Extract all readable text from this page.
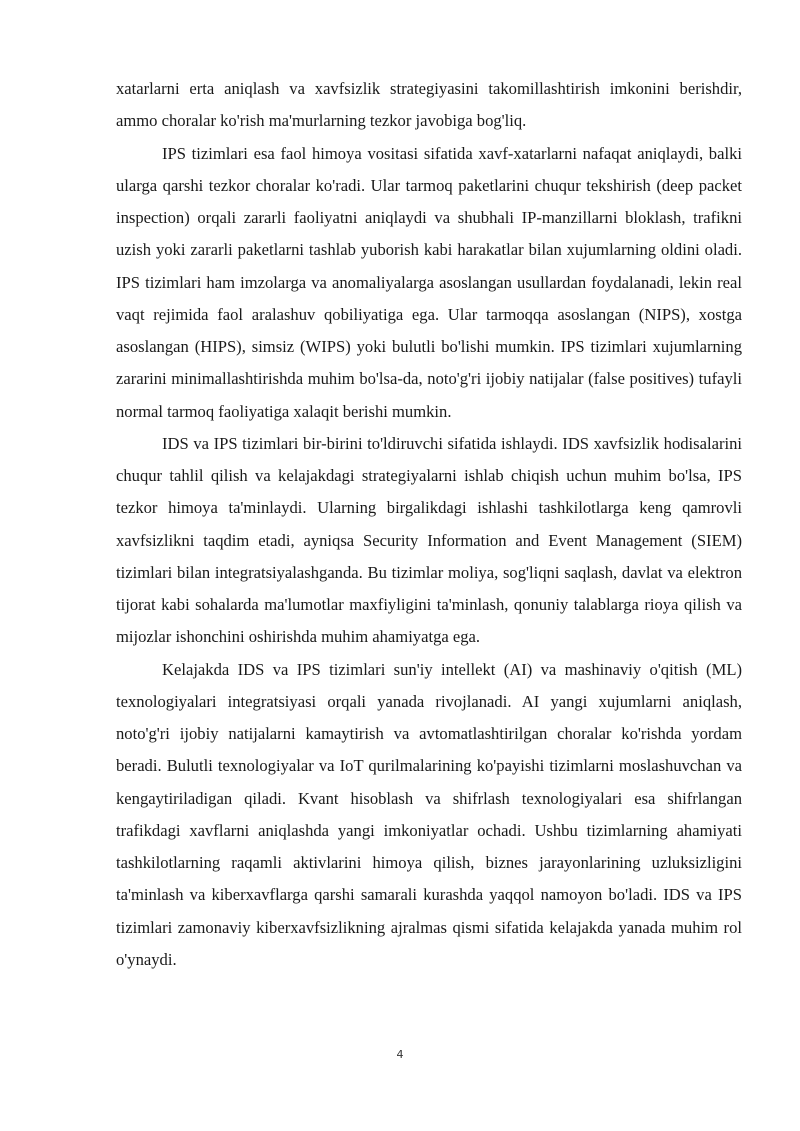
xatarlarni erta aniqlash va xavfsizlik strategiyasini takomillashtirish imkonini berishdir, ammo choralar ko'rish ma'murlarning tezkor javobiga bog'liq.

IPS tizimlari esa faol himoya vositasi sifatida xavf-xatarlarni nafaqat aniqlaydi, balki ularga qarshi tezkor choralar ko'radi. Ular tarmoq paketlarini chuqur tekshirish (deep packet inspection) orqali zararli faoliyatni aniqlaydi va shubhali IP-manzillarni bloklash, trafikni uzish yoki zararli paketlarni tashlab yuborish kabi harakatlar bilan xujumlarning oldini oladi. IPS tizimlari ham imzolarga va anomaliyalarga asoslangan usullardan foydalanadi, lekin real vaqt rejimida faol aralashuv qobiliyatiga ega. Ular tarmoqqa asoslangan (NIPS), xostga asoslangan (HIPS), simsiz (WIPS) yoki bulutli bo'lishi mumkin. IPS tizimlari xujumlarning zararini minimallashtirishda muhim bo'lsa-da, noto'g'ri ijobiy natijalar (false positives) tufayli normal tarmoq faoliyatiga xalaqit berishi mumkin.

IDS va IPS tizimlari bir-birini to'ldiruvchi sifatida ishlaydi. IDS xavfsizlik hodisalarini chuqur tahlil qilish va kelajakdagi strategiyalarni ishlab chiqish uchun muhim bo'lsa, IPS tezkor himoya ta'minlaydi. Ularning birgalikdagi ishlashi tashkilotlarga keng qamrovli xavfsizlikni taqdim etadi, ayniqsa Security Information and Event Management (SIEM) tizimlari bilan integratsiyalashganda. Bu tizimlar moliya, sog'liqni saqlash, davlat va elektron tijorat kabi sohalarda ma'lumotlar maxfiyligini ta'minlash, qonuniy talablarga rioya qilish va mijozlar ishonchini oshirishda muhim ahamiyatga ega.

Kelajakda IDS va IPS tizimlari sun'iy intellekt (AI) va mashinaviy o'qitish (ML) texnologiyalari integratsiyasi orqali yanada rivojlanadi. AI yangi xujumlarni aniqlash, noto'g'ri ijobiy natijalarni kamaytirish va avtomatlashtirilgan choralar ko'rishda yordam beradi. Bulutli texnologiyalar va IoT qurilmalarining ko'payishi tizimlarni moslashuvchan va kengaytiriladigan qiladi. Kvant hisoblash va shifrlash texnologiyalari esa shifrlangan trafikdagi xavflarni aniqlashda yangi imkoniyatlar ochadi. Ushbu tizimlarning ahamiyati tashkilotlarning raqamli aktivlarini himoya qilish, biznes jarayonlarining uzluksizligini ta'minlash va kiberxavflarga qarshi samarali kurashda yaqqol namoyon bo'ladi. IDS va IPS tizimlari zamonaviy kiberxavfsizlikning ajralmas qismi sifatida kelajakda yanada muhim rol o'ynaydi.

4
